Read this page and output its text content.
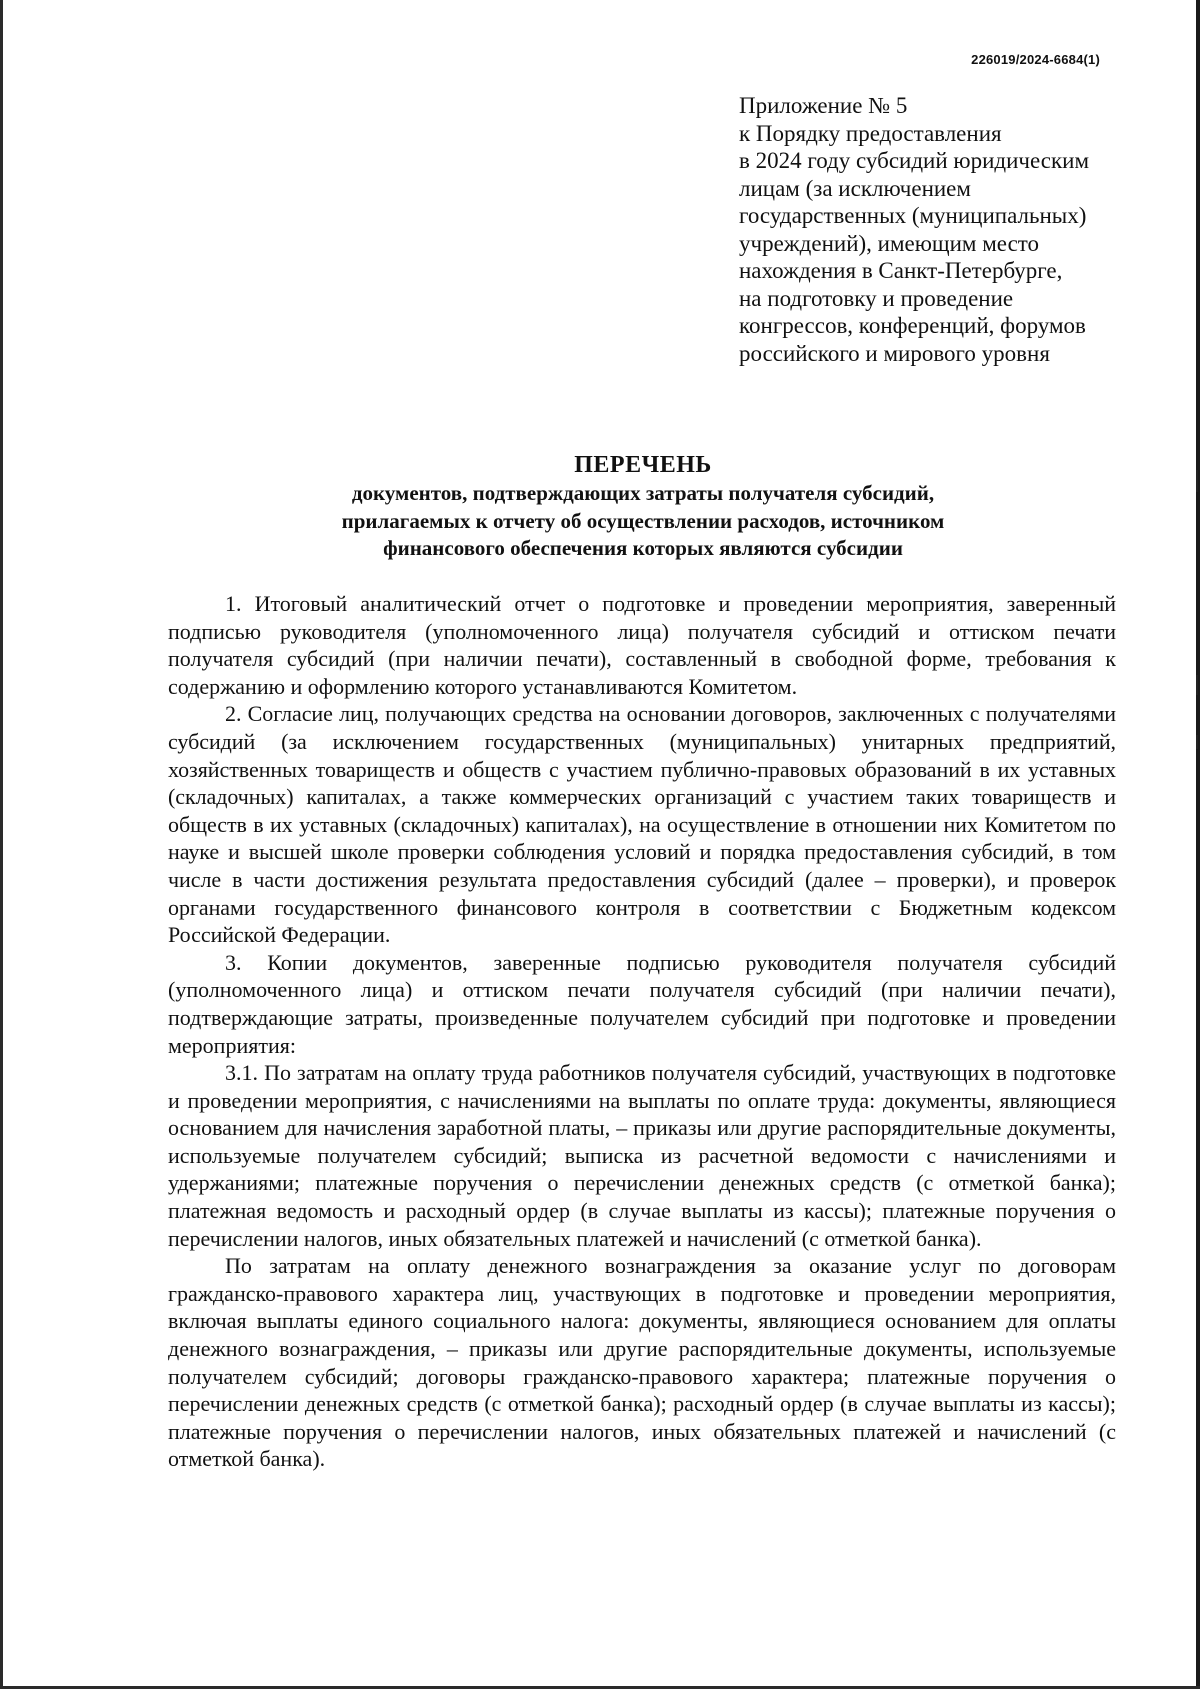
226019/2024-6684(1)
Приложение № 5
к Порядку предоставления
в 2024 году субсидий юридическим
лицам (за исключением
государственных (муниципальных)
учреждений), имеющим место
нахождения в Санкт-Петербурге,
на подготовку и проведение
конгрессов, конференций, форумов
российского и мирового уровня
ПЕРЕЧЕНЬ
документов, подтверждающих затраты получателя субсидий,
прилагаемых к отчету об осуществлении расходов, источником
финансового обеспечения которых являются субсидии

1. Итоговый аналитический отчет о подготовке и проведении мероприятия, заверенный подписью руководителя (уполномоченного лица) получателя субсидий и оттиском печати получателя субсидий (при наличии печати), составленный в свободной форме, требования к содержанию и оформлению которого устанавливаются Комитетом.

2. Согласие лиц, получающих средства на основании договоров, заключенных с получателями субсидий (за исключением государственных (муниципальных) унитарных предприятий, хозяйственных товариществ и обществ с участием публично-правовых образований в их уставных (складочных) капиталах, а также коммерческих организаций с участием таких товариществ и обществ в их уставных (складочных) капиталах), на осуществление в отношении них Комитетом по науке и высшей школе проверки соблюдения условий и порядка предоставления субсидий, в том числе в части достижения результата предоставления субсидий (далее – проверки), и проверок органами государственного финансового контроля в соответствии с Бюджетным кодексом Российской Федерации.

3. Копии документов, заверенные подписью руководителя получателя субсидий (уполномоченного лица) и оттиском печати получателя субсидий (при наличии печати), подтверждающие затраты, произведенные получателем субсидий при подготовке и проведении мероприятия:

3.1. По затратам на оплату труда работников получателя субсидий, участвующих в подготовке и проведении мероприятия, с начислениями на выплаты по оплате труда: документы, являющиеся основанием для начисления заработной платы, – приказы или другие распорядительные документы, используемые получателем субсидий; выписка из расчетной ведомости с начислениями и удержаниями; платежные поручения о перечислении денежных средств (с отметкой банка); платежная ведомость и расходный ордер (в случае выплаты из кассы); платежные поручения о перечислении налогов, иных обязательных платежей и начислений (с отметкой банка).

По затратам на оплату денежного вознаграждения за оказание услуг по договорам гражданско-правового характера лиц, участвующих в подготовке и проведении мероприятия, включая выплаты единого социального налога: документы, являющиеся основанием для оплаты денежного вознаграждения, – приказы или другие распорядительные документы, используемые получателем субсидий; договоры гражданско-правового характера; платежные поручения о перечислении денежных средств (с отметкой банка); расходный ордер (в случае выплаты из кассы); платежные поручения о перечислении налогов, иных обязательных платежей и начислений (с отметкой банка).
